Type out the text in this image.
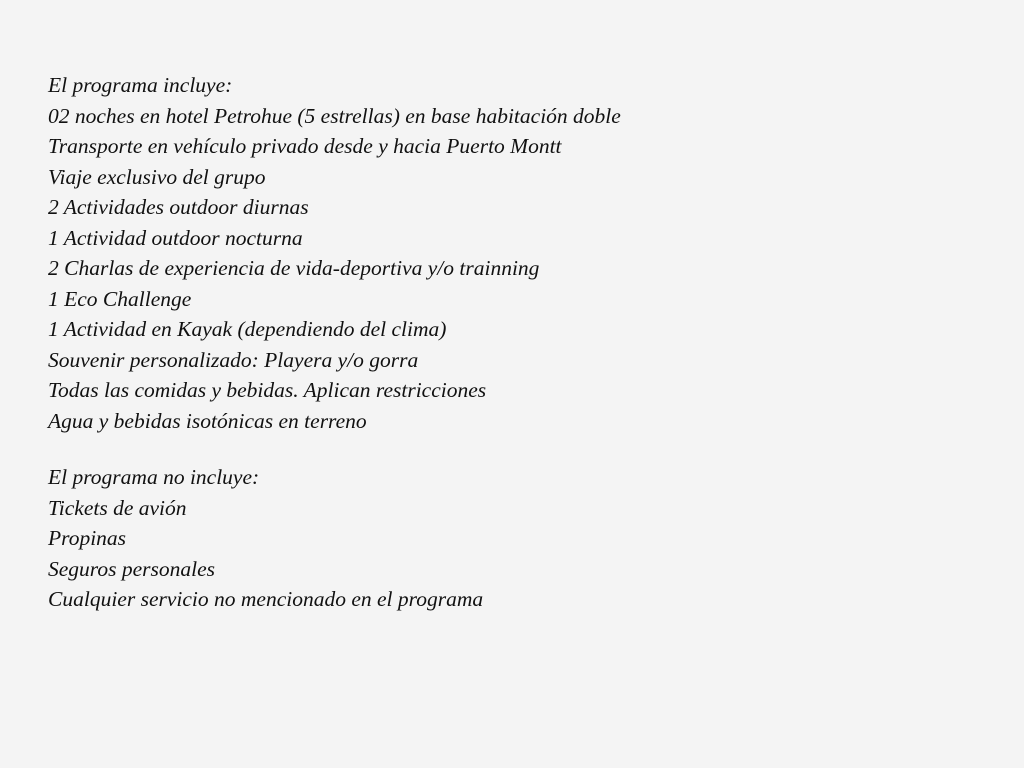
El programa incluye:
02 noches en hotel Petrohue (5 estrellas) en base habitación doble
Transporte en vehículo privado desde y hacia Puerto Montt
Viaje exclusivo del grupo
2 Actividades outdoor diurnas
1 Actividad outdoor nocturna
2 Charlas de experiencia de vida-deportiva y/o trainning
1 Eco Challenge
1 Actividad en Kayak (dependiendo del clima)
Souvenir personalizado: Playera y/o gorra
Todas las comidas y bebidas. Aplican restricciones
Agua y bebidas isotónicas en terreno
El programa no incluye:
Tickets de avión
Propinas
Seguros personales
Cualquier servicio no mencionado en el programa
